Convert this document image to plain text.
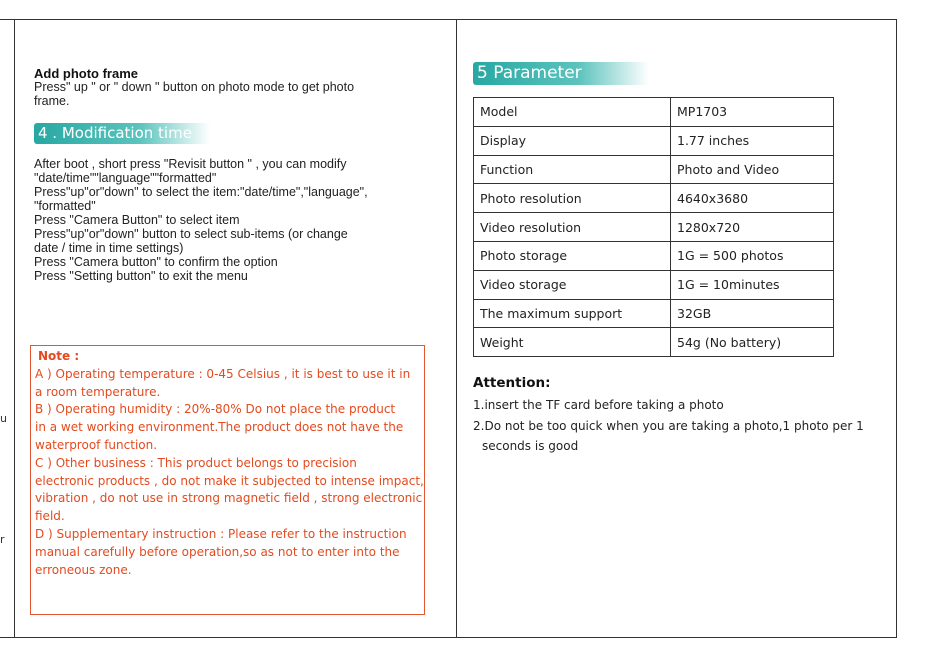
u
r
Add photo frame
Press" up " or " down " button on photo mode to get photo
frame.
4 . Modification time
After boot , short press "Revisit button " , you can modify
"date/time""language""formatted"
Press"up"or"down" to select the item:"date/time","language",
"formatted"
Press "Camera Button" to select item
Press"up"or"down" button to select sub-items (or change
date / time in time settings)
Press "Camera button" to confirm the option
Press "Setting button" to exit the menu
Note :
A ) Operating temperature : 0-45 Celsius , it is best to use it in
a room temperature.
B ) Operating humidity : 20%-80% Do not place the product
in a wet working environment.The product does not have the
waterproof function.
C ) Other business : This product belongs to precision
electronic products , do not make it subjected to intense impact,
vibration , do not use in strong magnetic field , strong electronic
field.
D ) Supplementary instruction : Please refer to the instruction
manual carefully before operation,so as not to enter into the
erroneous zone.
5 Parameter
Model	MP1703
Display	1.77 inches
Function	Photo and Video
Photo resolution	4640x3680
Video resolution	1280x720
Photo storage	1G = 500 photos
Video storage	1G = 10minutes
The maximum support	32GB
Weight	54g (No battery)
Attention:
1.insert the TF card before taking a photo
2.Do not be too quick when you are taking a photo,1 photo per 1
seconds is good
